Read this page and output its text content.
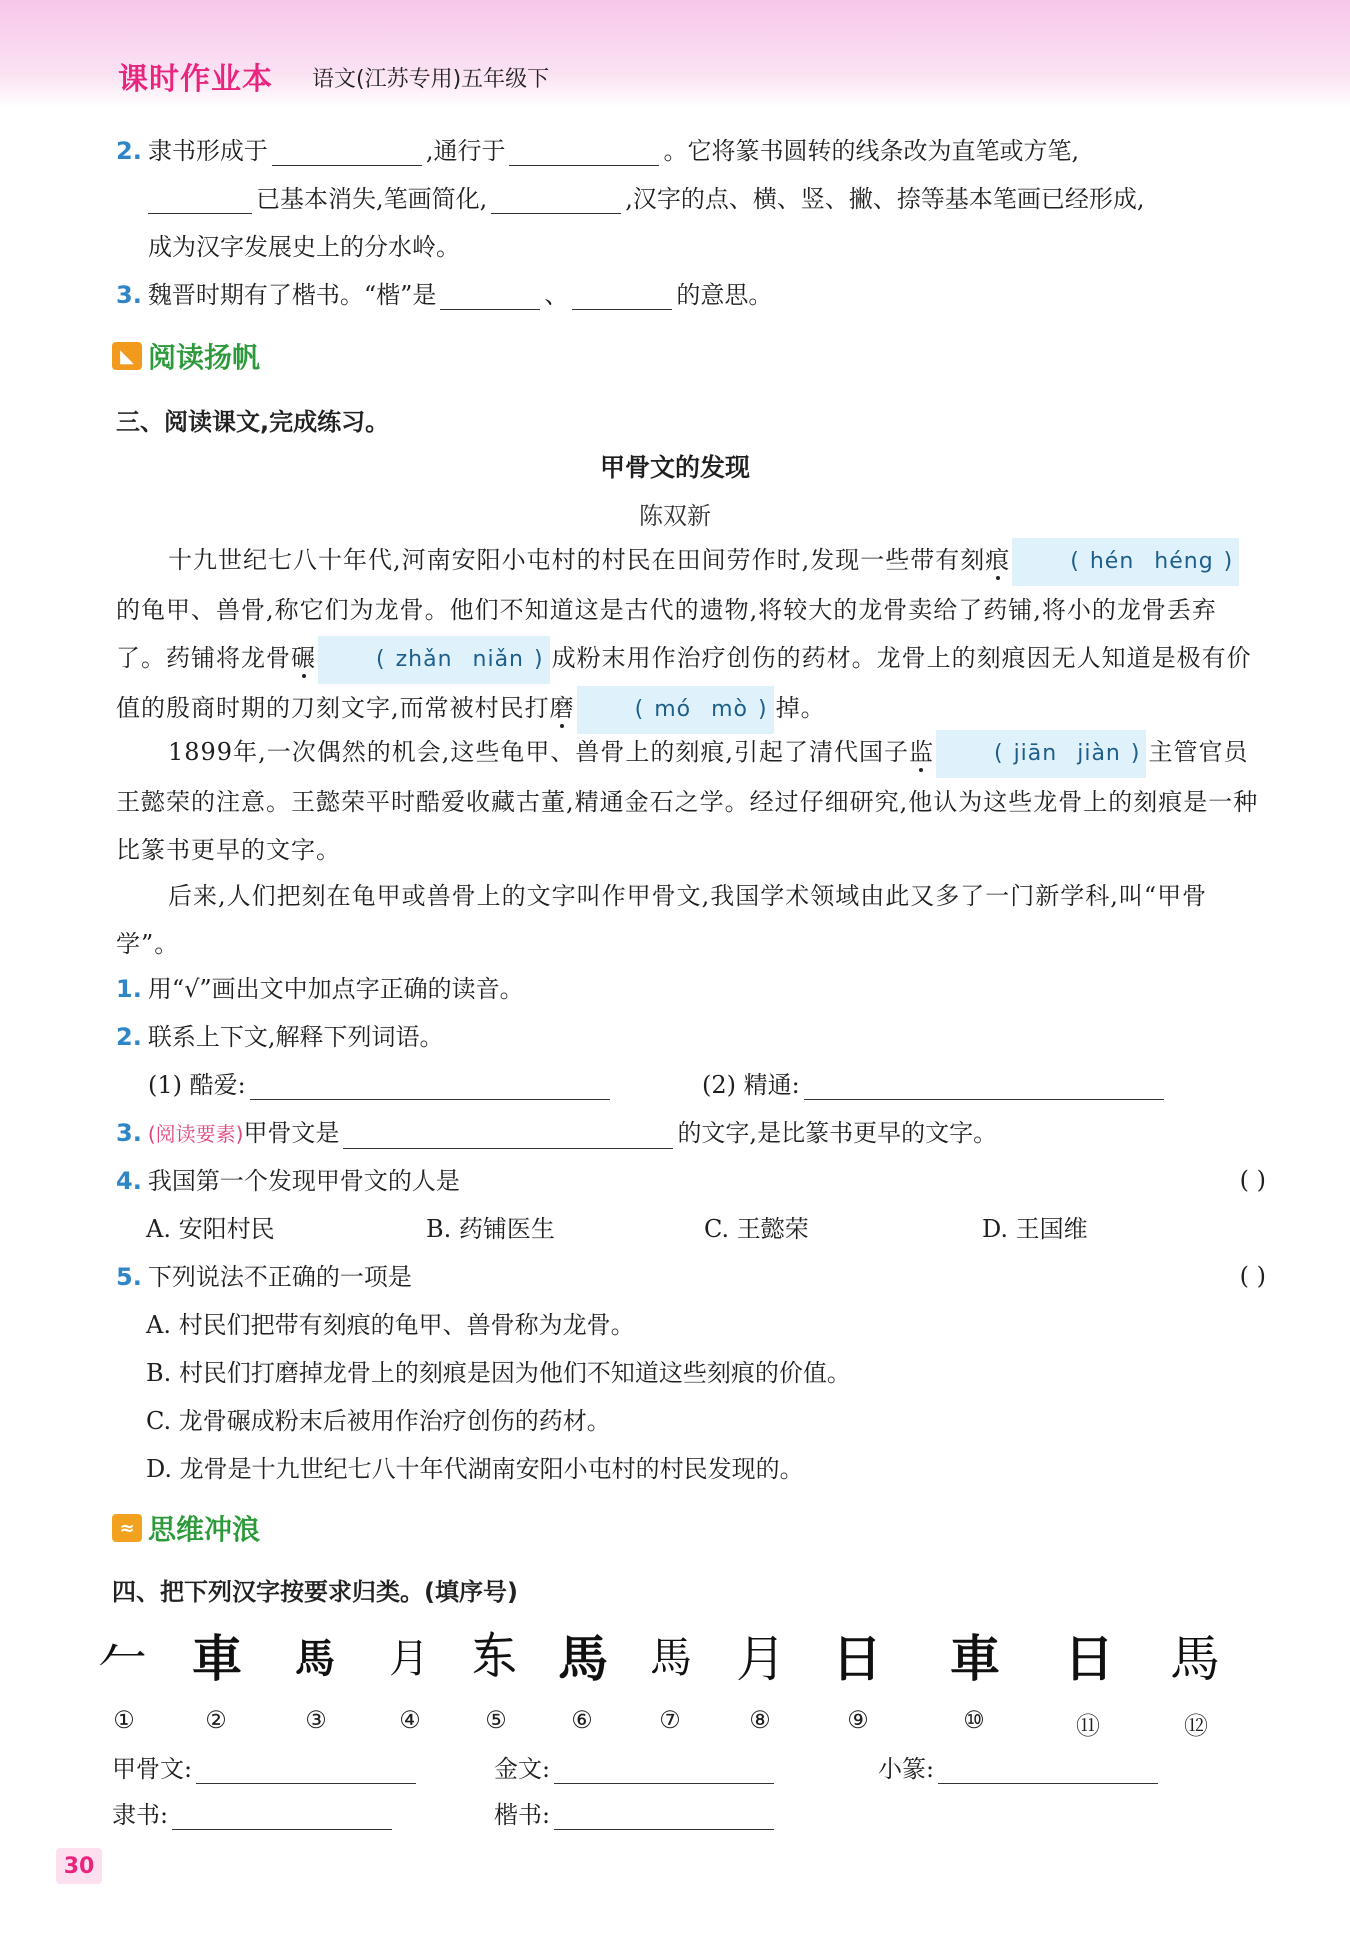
课时作业本 语文(江苏专用)五年级下
2. 隶书形成于	,通行于	。它将篆书圆转的线条改为直笔或方笔,
已基本消失,笔画简化,	,汉字的点、横、竖、撇、捺等基本笔画已经形成,
成为汉字发展史上的分水岭。
3. 魏晋时期有了楷书。“楷”是	、	的意思。
◣ 阅读扬帆
三、阅读课文,完成练习。
甲骨文的发现
陈双新
十九世纪七八十年代,河南安阳小屯村的村民在田间劳作时,发现一些带有刻痕	( hén héng )的龟甲、兽骨,称它们为龙骨。他们不知道这是古代的遗物,将较大的龙骨卖给了药铺,将小的龙骨丢弃了。药铺将龙骨碾	( zhǎn niǎn ) 成粉末用作治疗创伤的药材。龙骨上的刻痕因无人知道是极有价值的殷商时期的刀刻文字,而常被村民打磨	( mó mò ) 掉。
1899年,一次偶然的机会,这些龟甲、兽骨上的刻痕,引起了清代国子监	( jiān jiàn ) 主管官员王懿荣的注意。王懿荣平时酷爱收藏古董,精通金石之学。经过仔细研究,他认为这些龙骨上的刻痕是一种比篆书更早的文字。
后来,人们把刻在龟甲或兽骨上的文字叫作甲骨文,我国学术领域由此又多了一门新学科,叫“甲骨学”。
1. 用“√”画出文中加点字正确的读音。
2. 联系上下文,解释下列词语。
(1) 酷爱:	(2) 精通:
3. (阅读要素)甲骨文是	的文字,是比篆书更早的文字。
4. 我国第一个发现甲骨文的人是	( )
A. 安阳村民	B. 药铺医生	C. 王懿荣	D. 王国维
5. 下列说法不正确的一项是	( )
A. 村民们把带有刻痕的龟甲、兽骨称为龙骨。
B. 村民们打磨掉龙骨上的刻痕是因为他们不知道这些刻痕的价值。
C. 龙骨碾成粉末后被用作治疗创伤的药材。
D. 龙骨是十九世纪七八十年代湖南安阳小屯村的村民发现的。
≈ 思维冲浪
四、把下列汉字按要求归类。(填序号)
𠂉 車	馬	月 𫠣 馬 馬 月 日 車 日 馬
①	②	③	④	⑤	⑥	⑦	⑧	⑨	⑩	⑪	⑫
甲骨文:	金文:	小篆:
隶书:	楷书:
30
